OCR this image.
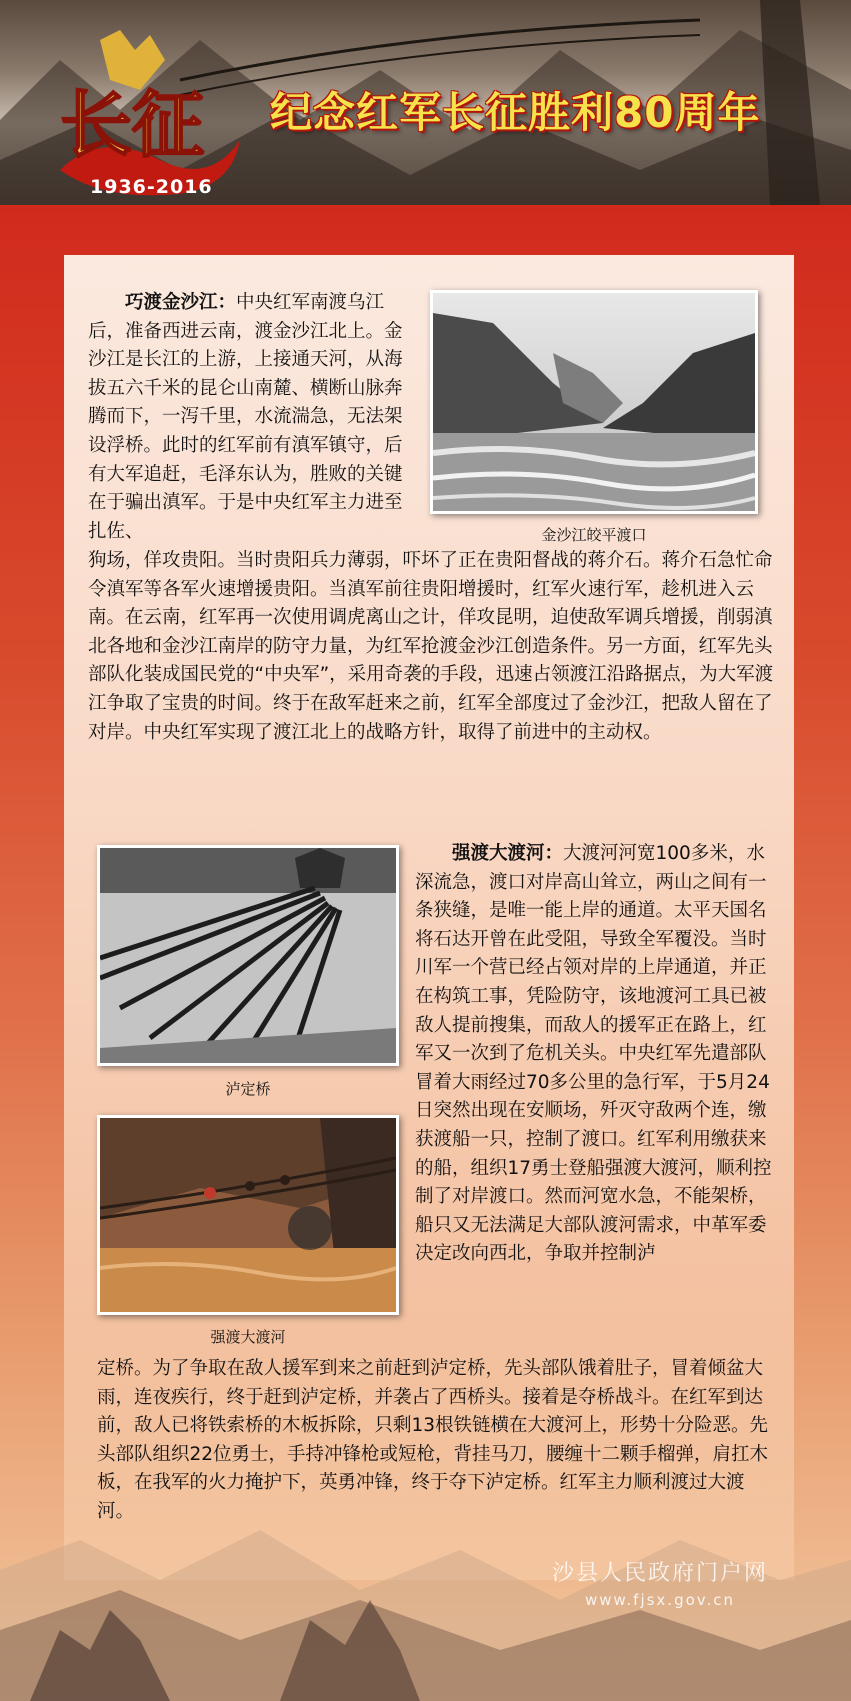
长征
1936-2016
纪念红军长征胜利80周年

巧渡金沙江：中央红军南渡乌江后，准备西进云南，渡金沙江北上。金沙江是长江的上游，上接通天河，从海拔五六千米的昆仑山南麓、横断山脉奔腾而下，一泻千里，水流湍急，无法架设浮桥。此时的红军前有滇军镇守，后有大军追赶，毛泽东认为，胜败的关键在于骗出滇军。于是中央红军主力进至扎佐、

狗场，佯攻贵阳。当时贵阳兵力薄弱，吓坏了正在贵阳督战的蒋介石。蒋介石急忙命令滇军等各军火速增援贵阳。当滇军前往贵阳增援时，红军火速行军，趁机进入云南。在云南，红军再一次使用调虎离山之计，佯攻昆明，迫使敌军调兵增援，削弱滇北各地和金沙江南岸的防守力量，为红军抢渡金沙江创造条件。另一方面，红军先头部队化装成国民党的“中央军”，采用奇袭的手段，迅速占领渡江沿路据点，为大军渡江争取了宝贵的时间。终于在敌军赶来之前，红军全部度过了金沙江，把敌人留在了对岸。中央红军实现了渡江北上的战略方针，取得了前进中的主动权。

金沙江皎平渡口
泸定桥
强渡大渡河

强渡大渡河：大渡河河宽100多米，水深流急，渡口对岸高山耸立，两山之间有一条狭缝，是唯一能上岸的通道。太平天国名将石达开曾在此受阻，导致全军覆没。当时川军一个营已经占领对岸的上岸通道，并正在构筑工事，凭险防守，该地渡河工具已被敌人提前搜集，而敌人的援军正在路上，红军又一次到了危机关头。中央红军先遣部队冒着大雨经过70多公里的急行军，于5月24日突然出现在安顺场，歼灭守敌两个连，缴获渡船一只，控制了渡口。红军利用缴获来的船，组织17勇士登船强渡大渡河，顺利控制了对岸渡口。然而河宽水急，不能架桥，船只又无法满足大部队渡河需求，中革军委决定改向西北，争取并控制泸

定桥。为了争取在敌人援军到来之前赶到泸定桥，先头部队饿着肚子，冒着倾盆大雨，连夜疾行，终于赶到泸定桥，并袭占了西桥头。接着是夺桥战斗。在红军到达前，敌人已将铁索桥的木板拆除，只剩13根铁链横在大渡河上，形势十分险恶。先头部队组织22位勇士，手持冲锋枪或短枪，背挂马刀，腰缠十二颗手榴弹，肩扛木板，在我军的火力掩护下，英勇冲锋，终于夺下泸定桥。红军主力顺利渡过大渡河。

沙县人民政府门户网
www.fjsx.gov.cn
